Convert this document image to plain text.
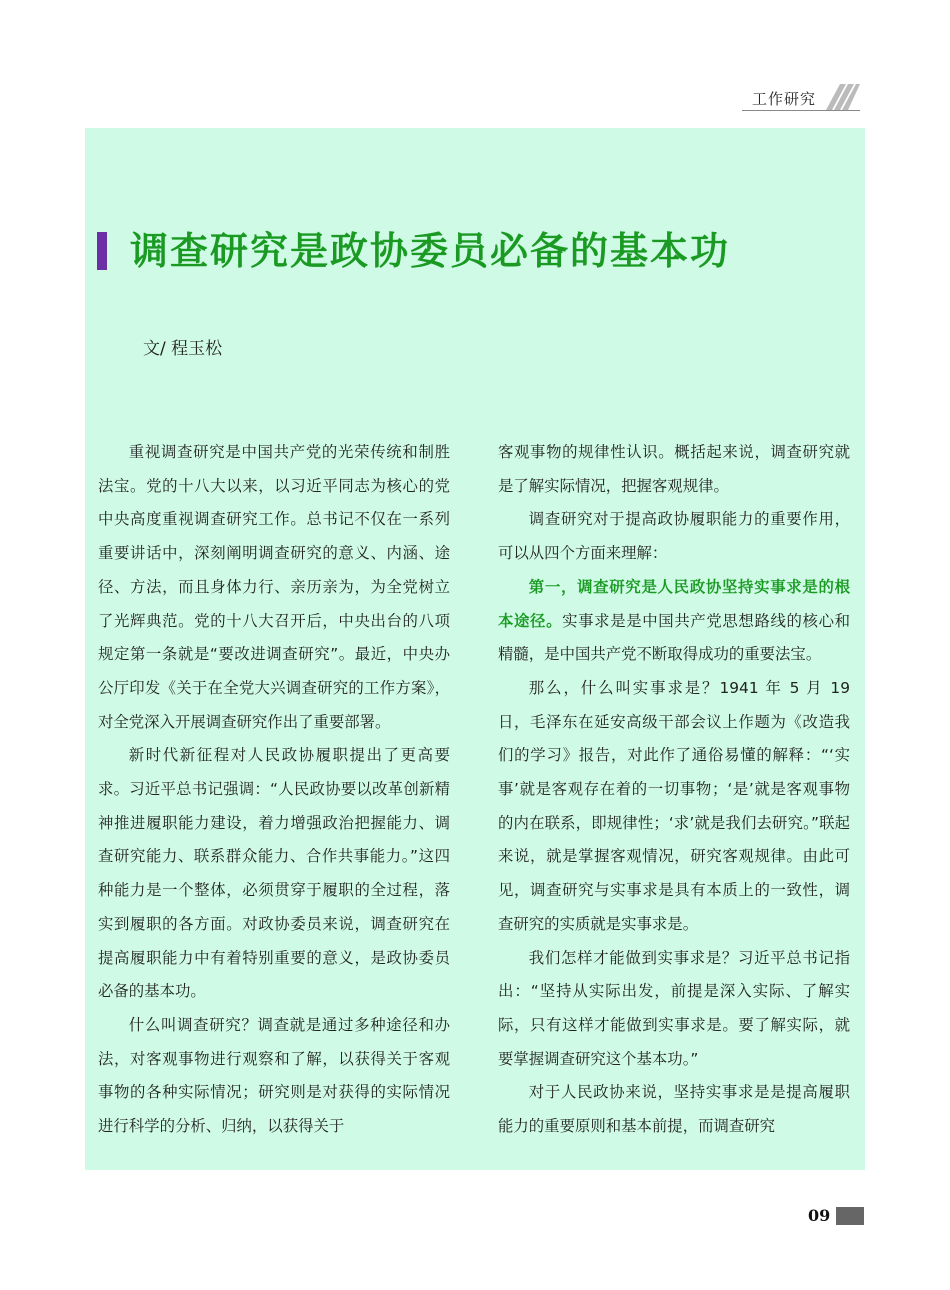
工作研究
调查研究是政协委员必备的基本功
文/ 程玉松

重视调查研究是中国共产党的光荣传统和制胜法宝。党的十八大以来，以习近平同志为核心的党中央高度重视调查研究工作。总书记不仅在一系列重要讲话中，深刻阐明调查研究的意义、内涵、途径、方法，而且身体力行、亲历亲为，为全党树立了光辉典范。党的十八大召开后，中央出台的八项规定第一条就是“要改进调查研究”。最近，中央办公厅印发《关于在全党大兴调查研究的工作方案》，对全党深入开展调查研究作出了重要部署。

新时代新征程对人民政协履职提出了更高要求。习近平总书记强调：“人民政协要以改革创新精神推进履职能力建设，着力增强政治把握能力、调查研究能力、联系群众能力、合作共事能力。”这四种能力是一个整体，必须贯穿于履职的全过程，落实到履职的各方面。对政协委员来说，调查研究在提高履职能力中有着特别重要的意义，是政协委员必备的基本功。

什么叫调查研究？调查就是通过多种途径和办法，对客观事物进行观察和了解，以获得关于客观事物的各种实际情况；研究则是对获得的实际情况进行科学的分析、归纳，以获得关于

客观事物的规律性认识。概括起来说，调查研究就是了解实际情况，把握客观规律。

调查研究对于提高政协履职能力的重要作用，可以从四个方面来理解：

第一，调查研究是人民政协坚持实事求是的根本途径。实事求是是中国共产党思想路线的核心和精髓，是中国共产党不断取得成功的重要法宝。

那么，什么叫实事求是？1941 年 5 月 19 日，毛泽东在延安高级干部会议上作题为《改造我们的学习》报告，对此作了通俗易懂的解释：“‘实事’就是客观存在着的一切事物；‘是’就是客观事物的内在联系，即规律性；‘求’就是我们去研究。”联起来说，就是掌握客观情况，研究客观规律。由此可见，调查研究与实事求是具有本质上的一致性，调查研究的实质就是实事求是。

我们怎样才能做到实事求是？习近平总书记指出：“坚持从实际出发，前提是深入实际、了解实际，只有这样才能做到实事求是。要了解实际，就要掌握调查研究这个基本功。”

对于人民政协来说，坚持实事求是是提高履职能力的重要原则和基本前提，而调查研究

09
